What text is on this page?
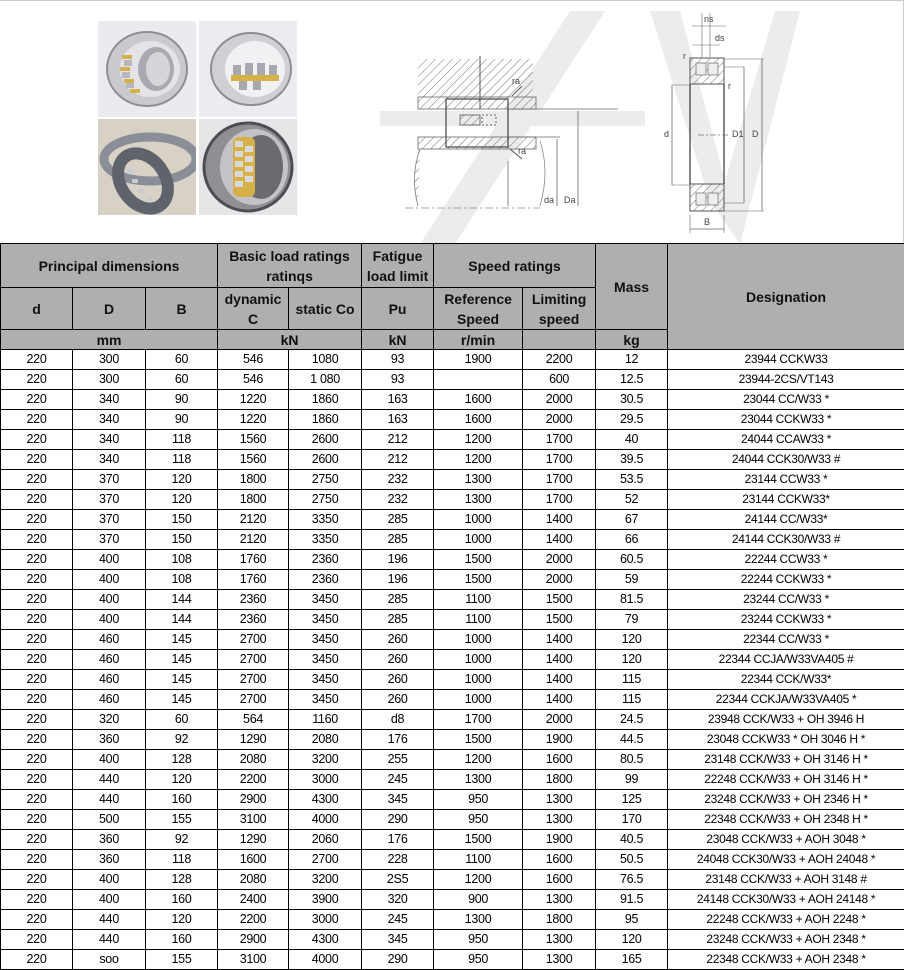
ra
ra
da Da
ns
ds
r
r
d	D1 D
B
Principal dimensions			Basic load ratings ratinqs		Fatigue load limit	Speed ratings		Mass	Designation
d	D	B	dynamic C	static Co	Pu	Reference Speed	Limiting speed		
mm			kN		kN	r/min		kg	
220	300	60	546	1080	93	1900	2200	12	23944 CCKW33
220	300	60	546	1 080	93		600	12.5	23944-2CS/VT143
220	340	90	1220	1860	163	1600	2000	30.5	23044 CC/W33 *
220	340	90	1220	1860	163	1600	2000	29.5	23044 CCKW33 *
220	340	118	1560	2600	212	1200	1700	40	24044 CCAW33 *
220	340	118	1560	2600	212	1200	1700	39.5	24044 CCK30/W33 #
220	370	120	1800	2750	232	1300	1700	53.5	23144 CCW33 *
220	370	120	1800	2750	232	1300	1700	52	23144 CCKW33*
220	370	150	2120	3350	285	1000	1400	67	24144 CC/W33*
220	370	150	2120	3350	285	1000	1400	66	24144 CCK30/W33 #
220	400	108	1760	2360	196	1500	2000	60.5	22244 CCW33 *
220	400	108	1760	2360	196	1500	2000	59	22244 CCKW33 *
220	400	144	2360	3450	285	1100	1500	81.5	23244 CC/W33 *
220	400	144	2360	3450	285	1100	1500	79	23244 CCKW33 *
220	460	145	2700	3450	260	1000	1400	120	22344 CC/W33 *
220	460	145	2700	3450	260	1000	1400	120	22344 CCJA/W33VA405 #
220	460	145	2700	3450	260	1000	1400	115	22344 CCK/W33*
220	460	145	2700	3450	260	1000	1400	115	22344 CCKJA/W33VA405 *
220	320	60	564	1160	d8	1700	2000	24.5	23948 CCK/W33 + OH 3946 H
220	360	92	1290	2080	176	1500	1900	44.5	23048 CCKW33 * OH 3046 H *
220	400	128	2080	3200	255	1200	1600	80.5	23148 CCK/W33 + OH 3146 H *
220	440	120	2200	3000	245	1300	1800	99	22248 CCK/W33 + OH 3146 H *
220	440	160	2900	4300	345	950	1300	125	23248 CCK/W33 + OH 2346 H *
220	500	155	3100	4000	290	950	1300	170	22348 CCK/W33 + OH 2348 H *
220	360	92	1290	2060	176	1500	1900	40.5	23048 CCK/W33 + AOH 3048 *
220	360	118	1600	2700	228	1100	1600	50.5	24048 CCK30/W33 + AOH 24048 *
220	400	128	2080	3200	2S5	1200	1600	76.5	23148 CCK/W33 + AOH 3148 #
220	400	160	2400	3900	320	900	1300	91.5	24148 CCK30/W33 + AOH 24148 *
220	440	120	2200	3000	245	1300	1800	95	22248 CCK/W33 + AOH 2248 *
220	440	160	2900	4300	345	950	1300	120	23248 CCK/W33 + AOH 2348 *
220	soo	155	3100	4000	290	950	1300	165	22348 CCK/W33 + AOH 2348 *
